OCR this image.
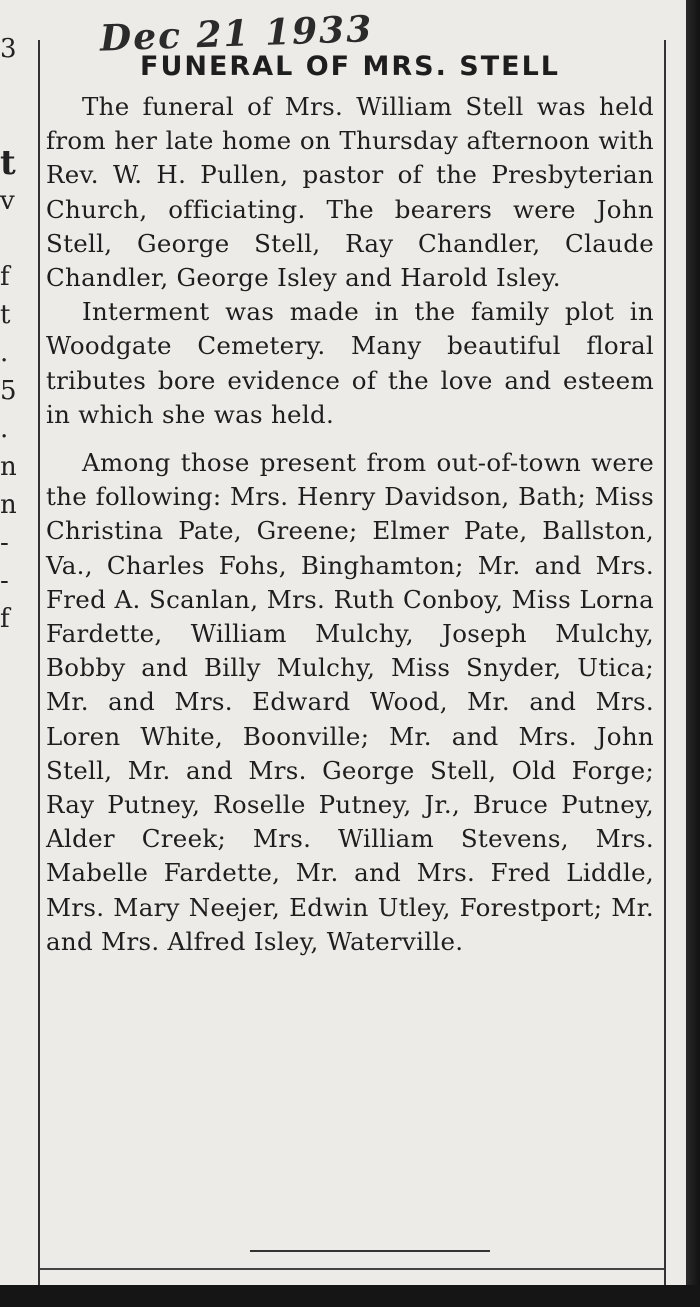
3
t
v
f
t
.
5
.
n
n
-
-
f
Dec 21 1933
FUNERAL OF MRS. STELL

The funeral of Mrs. William Stell was held from her late home on Thursday afternoon with Rev. W. H. Pullen, pastor of the Presbyterian Church, officiating. The bearers were John Stell, George Stell, Ray Chandler, Claude Chandler, George Isley and Harold Isley.

Interment was made in the family plot in Woodgate Cemetery. Many beautiful floral tributes bore evidence of the love and esteem in which she was held.

Among those present from out-of-town were the following: Mrs. Henry Davidson, Bath; Miss Christina Pate, Greene; Elmer Pate, Ballston, Va., Charles Fohs, Binghamton; Mr. and Mrs. Fred A. Scanlan, Mrs. Ruth Conboy, Miss Lorna Fardette, William Mulchy, Joseph Mulchy, Bobby and Billy Mulchy, Miss Snyder, Utica; Mr. and Mrs. Edward Wood, Mr. and Mrs. Loren White, Boonville; Mr. and Mrs. John Stell, Mr. and Mrs. George Stell, Old Forge; Ray Putney, Roselle Putney, Jr., Bruce Putney, Alder Creek; Mrs. William Stevens, Mrs. Mabelle Fardette, Mr. and Mrs. Fred Liddle, Mrs. Mary Neejer, Edwin Utley, Forestport; Mr. and Mrs. Alfred Isley, Waterville.
